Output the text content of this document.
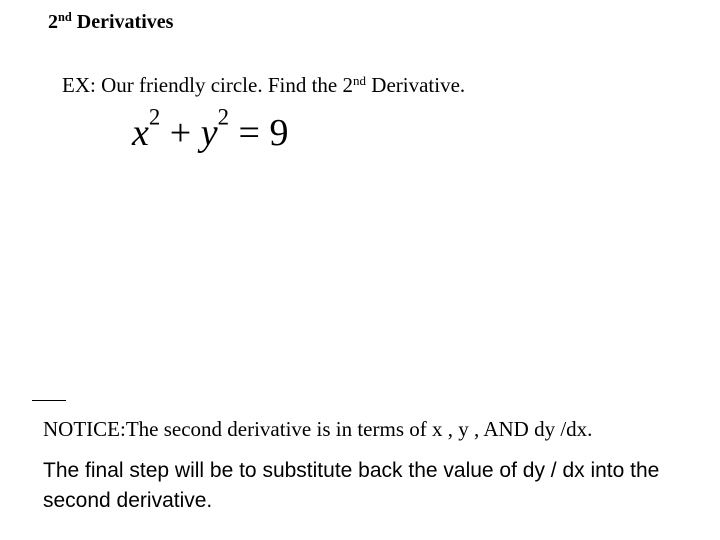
2nd Derivatives
EX: Our friendly circle. Find the 2nd Derivative.
$x^2 + y^2 = 9$
NOTICE:The second derivative is in terms of x , y , AND dy /dx.
The final step will be to substitute back the value of dy / dx into the second derivative.
